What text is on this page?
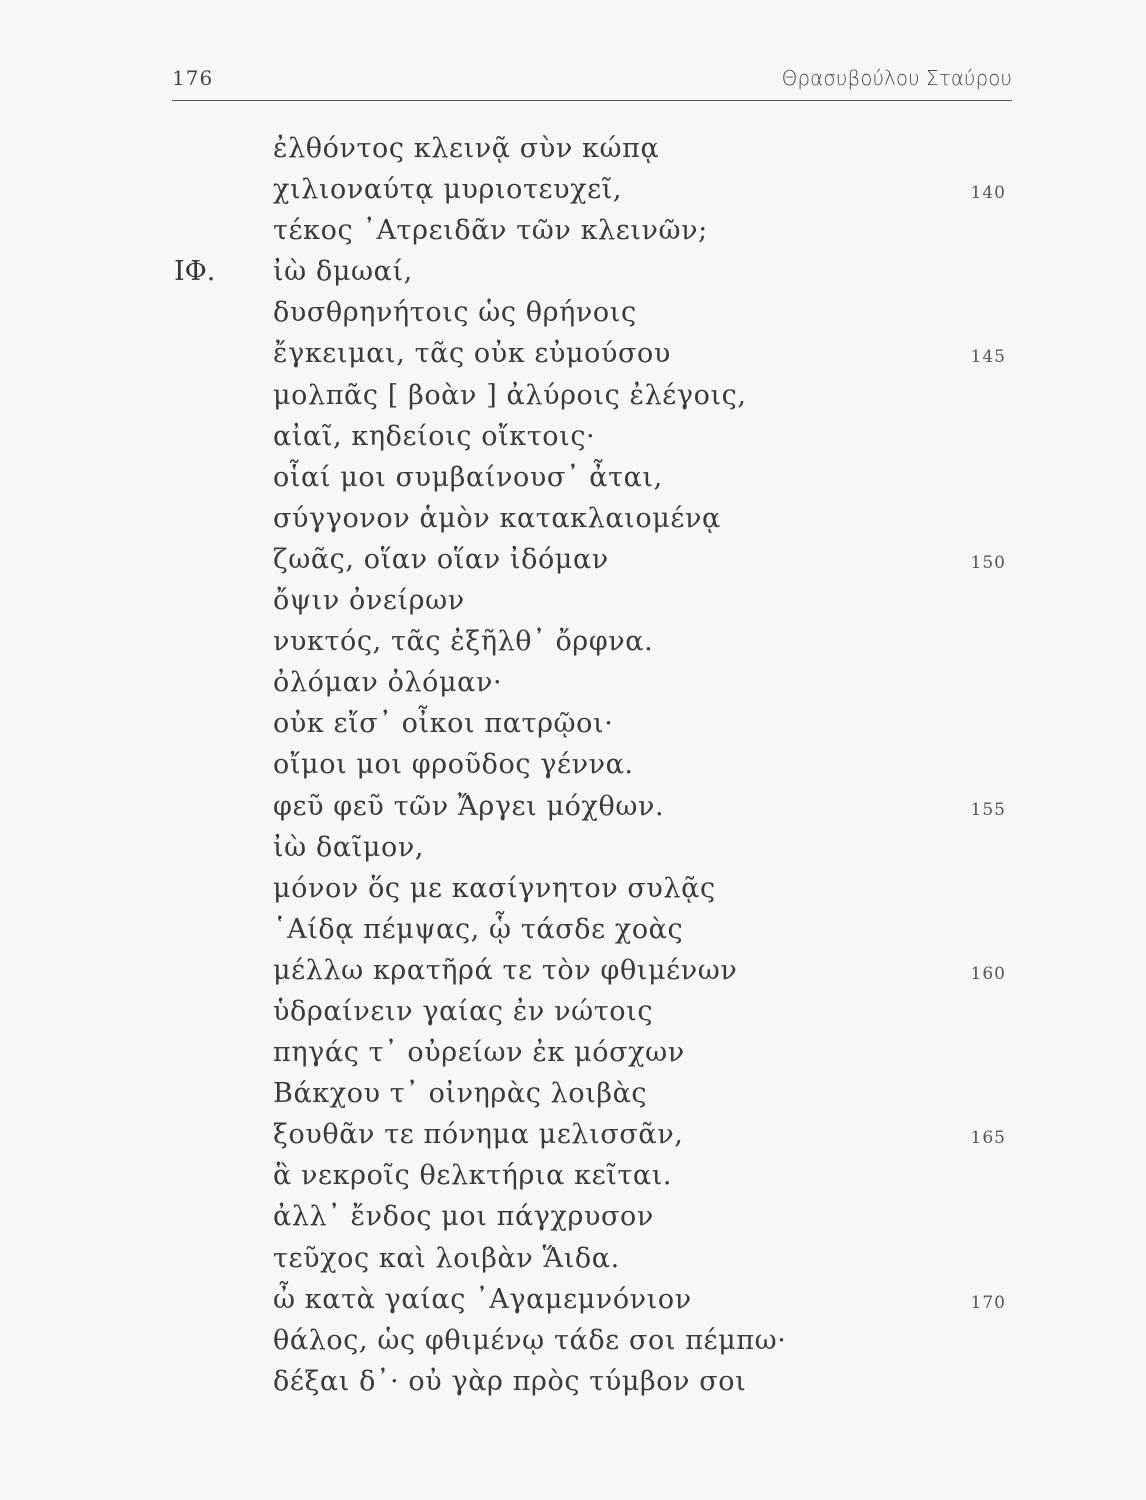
176	Θρασυβούλου Σταύρου
ἐλθόντος κλεινᾷ σὺν κώπᾳ
χιλιοναύτᾳ μυριοτευχεῖ,	140
τέκος ᾿Ατρειδᾶν τῶν κλεινῶν;
ΙΦ. ἰὼ δμωαί,
δυσθρηνήτοις ὡς θρήνοις
ἔγκειμαι, τᾶς οὐκ εὐμούσου	145
μολπᾶς [ βοὰν ] ἀλύροις ἐλέγοις,
αἰαῖ, κηδείοις οἴκτοις·
οἷαί μοι συμβαίνουσ᾿ ἆται,
σύγγονον ἁμὸν κατακλαιομένᾳ
ζωᾶς, οἵαν οἵαν ἰδόμαν	150
ὄψιν ὀνείρων
νυκτός, τᾶς ἐξῆλθ᾿ ὄρφνα.
ὀλόμαν ὀλόμαν·
οὐκ εἴσ᾿ οἶκοι πατρῷοι·
οἴμοι μοι φροῦδος γέννα.
φεῦ φεῦ τῶν Ἄργει μόχθων.	155
ἰὼ δαῖμον,
μόνον ὅς με κασίγνητον συλᾷς
῾Αίδᾳ πέμψας, ᾧ τάσδε χοὰς
μέλλω κρατῆρά τε τὸν φθιμένων	160
ὑδραίνειν γαίας ἐν νώτοις
πηγάς τ᾿ οὐρείων ἐκ μόσχων
Βάκχου τ᾿ οἰνηρὰς λοιβὰς
ξουθᾶν τε πόνημα μελισσᾶν,	165
ἃ νεκροῖς θελκτήρια κεῖται.
ἀλλ᾿ ἔνδος μοι πάγχρυσον
τεῦχος καὶ λοιβὰν Ἅιδα.
ὦ κατὰ γαίας ᾿Αγαμεμνόνιον	170
θάλος, ὡς φθιμένῳ τάδε σοι πέμπω·
δέξαι δ᾿· οὐ γὰρ πρὸς τύμβον σοι
